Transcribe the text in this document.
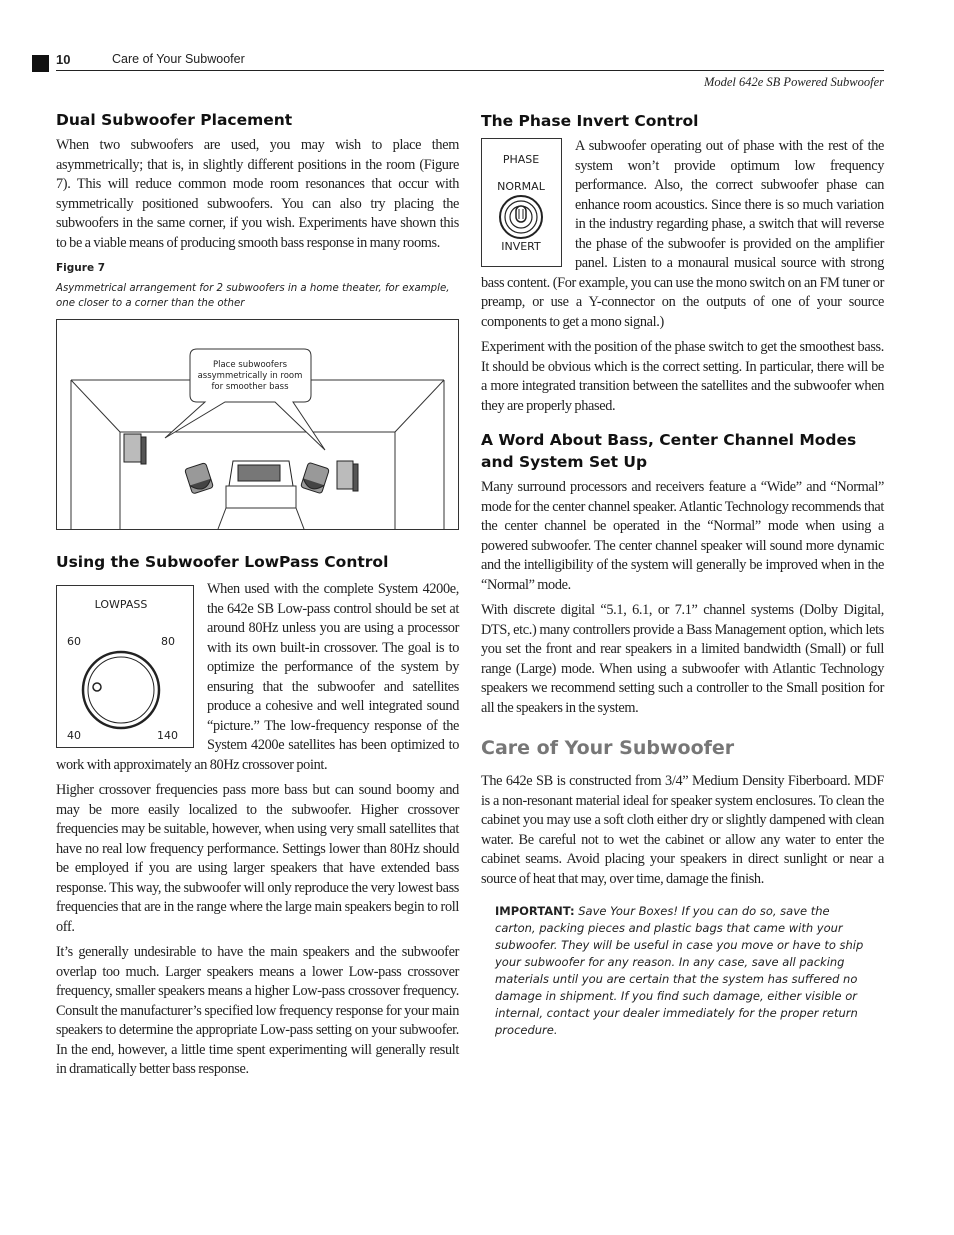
10	Care of Your Subwoofer
Model 642e SB Powered Subwoofer
Dual Subwoofer Placement

When two subwoofers are used, you may wish to place them asymmetrically; that is, in slightly different positions in the room (Figure 7). This will reduce common mode room resonances that occur with symmetrically positioned subwoofers. You can also try placing the subwoofers in the same corner, if you wish. Experiments have shown this to be a viable means of producing smooth bass response in many rooms.

Figure 7
Asymmetrical arrangement for 2 subwoofers in a home theater, for example, one closer to a corner than the other
Place subwoofers
assymmetrically in room
for smoother bass
Using the Subwoofer LowPass Control
LOWPASS
60	80
40	140

When used with the complete System 4200e, the 642e SB Low-pass control should be set at around 80Hz unless you are using a processor with its own built-in crossover. The goal is to optimize the performance of the system by ensuring that the subwoofer and satellites produce a cohesive and well integrated sound “picture.” The low-frequency response of the System 4200e satellites has been optimized to work with approximately an 80Hz crossover point.

Higher crossover frequencies pass more bass but can sound boomy and may be more easily localized to the subwoofer. Higher crossover frequencies may be suitable, however, when using very small satellites that have no real low frequency performance. Settings lower than 80Hz should be employed if you are using larger speakers that have extended bass response. This way, the subwoofer will only reproduce the very lowest bass frequencies that are in the range where the large main speakers begin to roll off.

It’s generally undesirable to have the main speakers and the subwoofer overlap too much. Larger speakers means a lower Low-pass crossover frequency, smaller speakers means a higher Low-pass crossover frequency. Consult the manufacturer’s specified low frequency response for your main speakers to determine the appropriate Low-pass setting on your subwoofer. In the end, however, a little time spent experimenting will generally result in dramatically better bass response.

The Phase Invert Control
PHASE
NORMAL
INVERT

A subwoofer operating out of phase with the rest of the system won’t provide optimum low frequency performance. Also, the correct subwoofer phase can enhance room acoustics. Since there is so much variation in the industry regarding phase, a switch that will reverse the phase of the subwoofer is provided on the amplifier panel. Listen to a monaural musical source with strong bass content. (For example, you can use the mono switch on an FM tuner or preamp, or use a Y-connector on the outputs of one of your source components to get a mono signal.)

Experiment with the position of the phase switch to get the smoothest bass. It should be obvious which is the correct setting. In particular, there will be a more integrated transition between the satellites and the subwoofer when they are properly phased.

A Word About Bass, Center Channel Modes
and System Set Up

Many surround processors and receivers feature a “Wide” and “Normal” mode for the center channel speaker. Atlantic Technology recommends that the center channel be operated in the “Normal” mode when using a powered subwoofer. The center channel speaker will sound more dynamic and the intelligibility of the system will generally be improved when in the “Normal” mode.

With discrete digital “5.1, 6.1, or 7.1” channel systems (Dolby Digital, DTS, etc.) many controllers provide a Bass Management option, which lets you set the front and rear speakers in a limited bandwidth (Small) or full range (Large) mode. When using a subwoofer with Atlantic Technology speakers we recommend setting such a controller to the Small position for all the speakers in the system.

Care of Your Subwoofer

The 642e SB is constructed from 3/4” Medium Density Fiberboard. MDF is a non-resonant material ideal for speaker system enclosures. To clean the cabinet you may use a soft cloth either dry or slightly dampened with clean water. Be careful not to wet the cabinet or allow any water to enter the cabinet seams. Avoid placing your speakers in direct sunlight or near a source of heat that may, over time, damage the finish.

IMPORTANT: Save Your Boxes! If you can do so, save the carton, packing pieces and plastic bags that came with your subwoofer. They will be useful in case you move or have to ship your subwoofer for any reason. In any case, save all packing materials until you are certain that the system has suffered no damage in shipment. If you find such damage, either visible or internal, contact your dealer immediately for the proper return procedure.
